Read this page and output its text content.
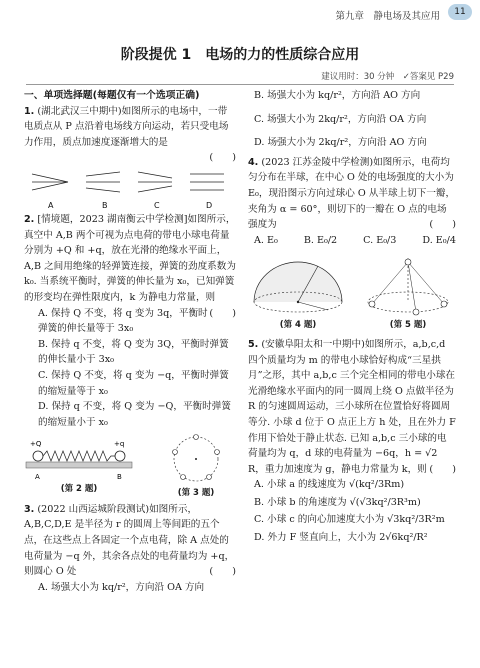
第九章　静电场及其应用	11
阶段提优 1　电场的力的性质综合应用
建议用时：30 分钟　✓答案见 P29

一、单项选择题(每题仅有一个选项正确)

1. (湖北武汉三中期中)如图所示的电场中，一带电质点从 P 点沿着电场线方向运动，若只受电场力作用，质点加速度逐渐增大的是

(　　)

A	B	C	D

2. [情境题，2023 湖南衡云中学检测]如图所示，真空中 A,B 两个可视为点电荷的带电小球电荷量分别为 +Q 和 +q，放在光滑的绝缘水平面上，A,B 之间用绝缘的轻弹簧连接，弹簧的劲度系数为 k₀. 当系统平衡时，弹簧的伸长量为 x₀，已知弹簧的形变均在弹性限度内，k 为静电力常量，则
(　　)

A. 保持 Q 不变，将 q 变为 3q，平衡时弹簧的伸长量等于 3x₀

B. 保持 q 不变，将 Q 变为 3Q，平衡时弹簧的伸长量小于 3x₀

C. 保持 Q 不变，将 q 变为 −q，平衡时弹簧的缩短量等于 x₀

D. 保持 q 不变，将 Q 变为 −Q，平衡时弹簧的缩短量小于 x₀

+Q	+q
A	B
(第 2 题)	(第 3 题)

3. (2022 山西运城阶段测试)如图所示，A,B,C,D,E 是半径为 r 的圆周上等间距的五个点，在这些点上各固定一个点电荷，除 A 点处的电荷量为 −q 外，其余各点处的电荷量均为 +q，则圆心 O 处	(　　)

A. 场强大小为 kq/r²，方向沿 OA 方向

B. 场强大小为 kq/r²，方向沿 AO 方向

C. 场强大小为 2kq/r²，方向沿 OA 方向

D. 场强大小为 2kq/r²，方向沿 AO 方向

4. (2023 江苏金陵中学检测)如图所示，电荷均匀分布在半球，在中心 O 处的电场强度的大小为 E₀，现沿图示方向过球心 O 从半球上切下一瓣，夹角为 α = 60°，则切下的一瓣在 O 点的电场强度为	(　　)

A. E₀	B. E₀/2	C. E₀/3	D. E₀/4
(第 4 题)	(第 5 题)

5. (安徽阜阳太和一中期中)如图所示，a,b,c,d 四个质量均为 m 的带电小球恰好构成“三星拱月”之形，其中 a,b,c 三个完全相同的带电小球在光滑绝缘水平面内的同一圆周上绕 O 点做半径为 R 的匀速圆周运动，三小球所在位置恰好将圆周等分. 小球 d 位于 O 点正上方 h 处，且在外力 F 作用下恰处于静止状态. 已知 a,b,c 三小球的电荷量均为 q，d 球的电荷量为 −6q，h = √2 R，重力加速度为 g，静电力常量为 k，则 (　　)

A. 小球 a 的线速度为 √(kq²/3Rm)

B. 小球 b 的角速度为 √(√3kq²/3R³m)

C. 小球 c 的向心加速度大小为 √3kq²/3R²m

D. 外力 F 竖直向上，大小为 2√6kq²/R²
